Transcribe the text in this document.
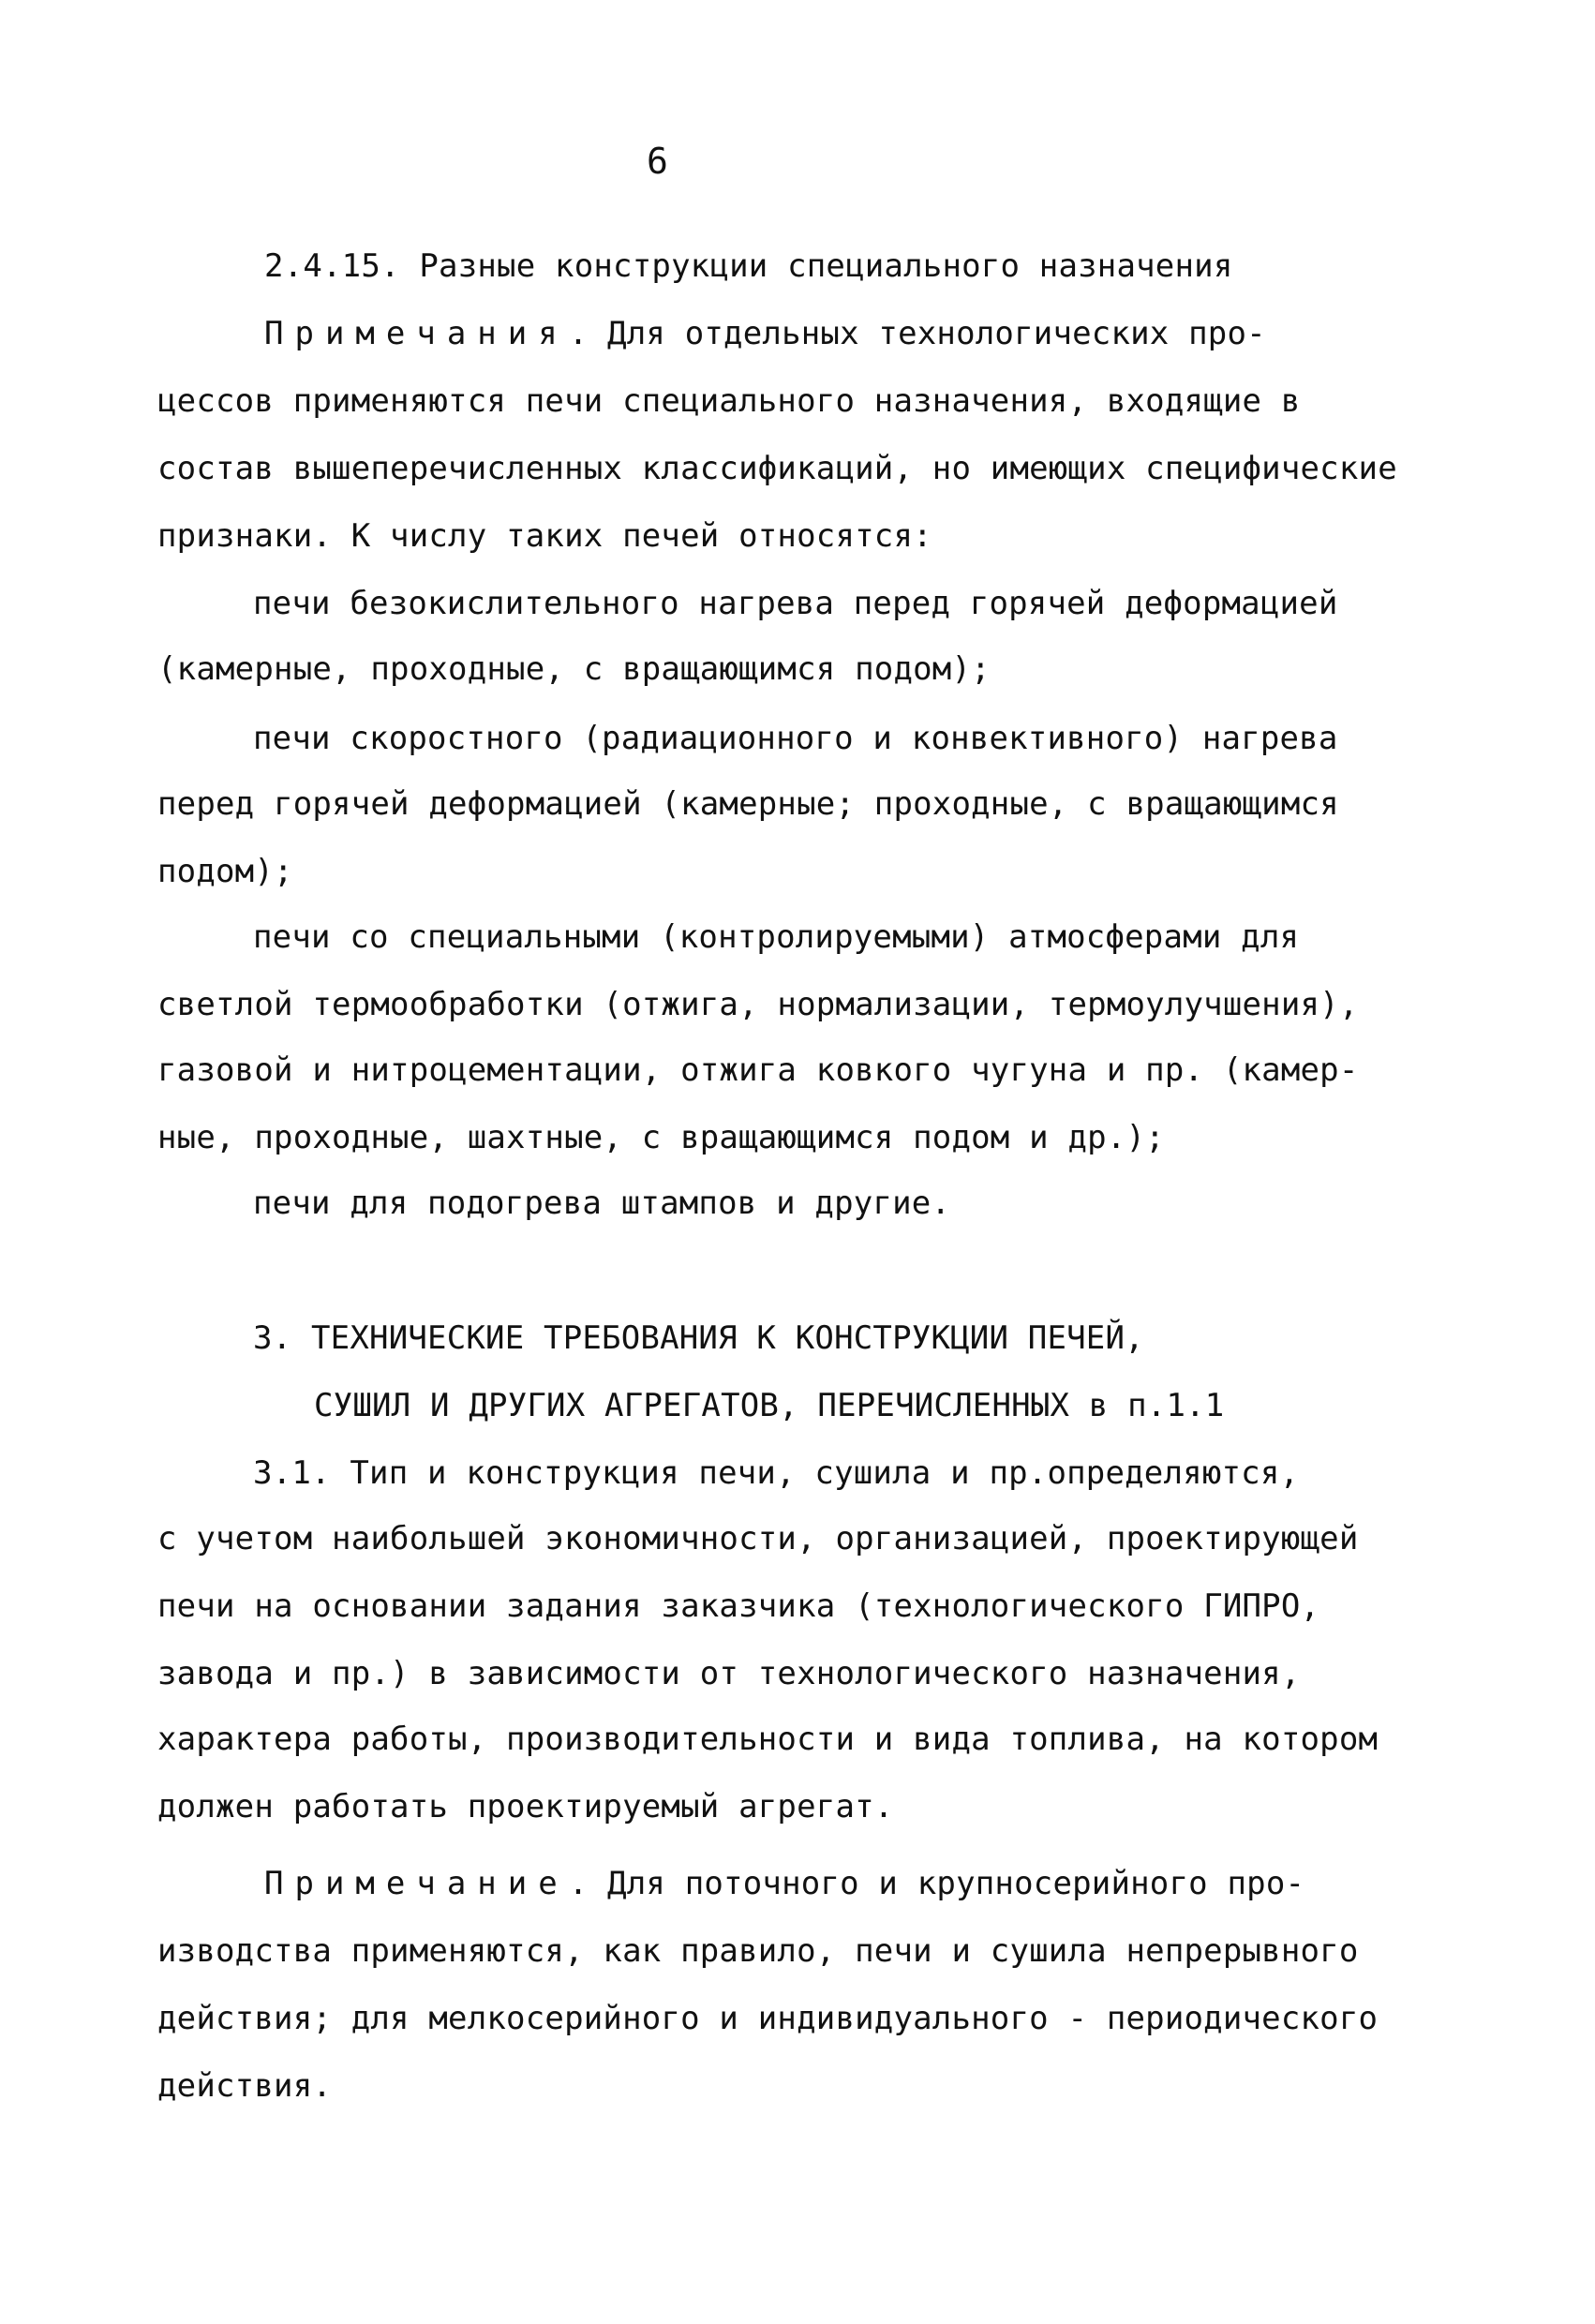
6
2.4.15. Разные конструкции специального назначения
Примечания. Для отдельных технологических про-
цессов применяются печи специального назначения, входящие в
состав вышеперечисленных классификаций, но имеющих специфические
признаки. К числу таких печей относятся:
печи безокислительного нагрева перед горячей деформацией
(камерные, проходные, с вращающимся подом);
печи скоростного (радиационного и конвективного) нагрева
перед горячей деформацией (камерные; проходные, с вращающимся
подом);
печи со специальными (контролируемыми) атмосферами для
светлой термообработки (отжига, нормализации, термоулучшения),
газовой и нитроцементации, отжига ковкого чугуна и пр. (камер-
ные, проходные, шахтные, с вращающимся подом и др.);
печи для подогрева штампов и другие.
3. ТЕХНИЧЕСКИЕ ТРЕБОВАНИЯ К КОНСТРУКЦИИ ПЕЧЕЙ,
СУШИЛ И ДРУГИХ АГРЕГАТОВ, ПЕРЕЧИСЛЕННЫХ в п.1.1
3.1. Тип и конструкция печи, сушила и пр.определяются,
с учетом наибольшей экономичности, организацией, проектирующей
печи на основании задания заказчика (технологического ГИПРО,
завода и пр.) в зависимости от технологического назначения,
характера работы, производительности и вида топлива, на котором
должен работать проектируемый агрегат.
Примечание. Для поточного и крупносерийного про-
изводства применяются, как правило, печи и сушила непрерывного
действия; для мелкосерийного и индивидуального - периодического
действия.
